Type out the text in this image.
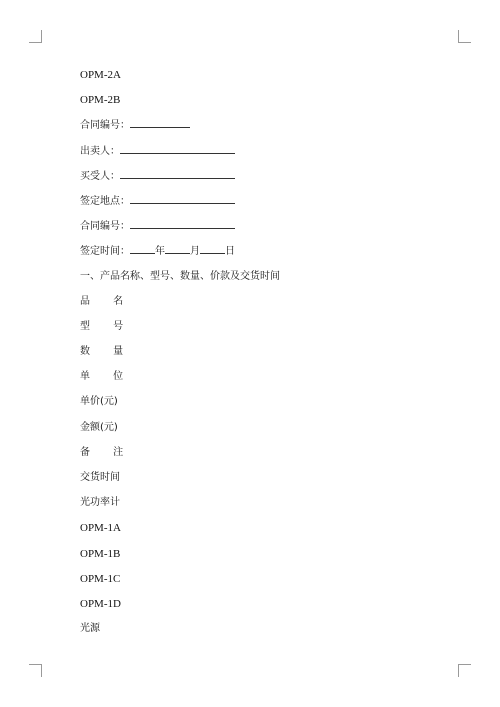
OPM-2A
OPM-2B
合同编号：
出卖人：
买受人：
签定地点：
合同编号：
签定时间：	年	月	日
一、产品名称、型号、数量、价款及交货时间
品 名
型 号
数 量
单 位
单价(元)
金额(元)
备 注
交货时间
光功率计
OPM-1A
OPM-1B
OPM-1C
OPM-1D
光源
